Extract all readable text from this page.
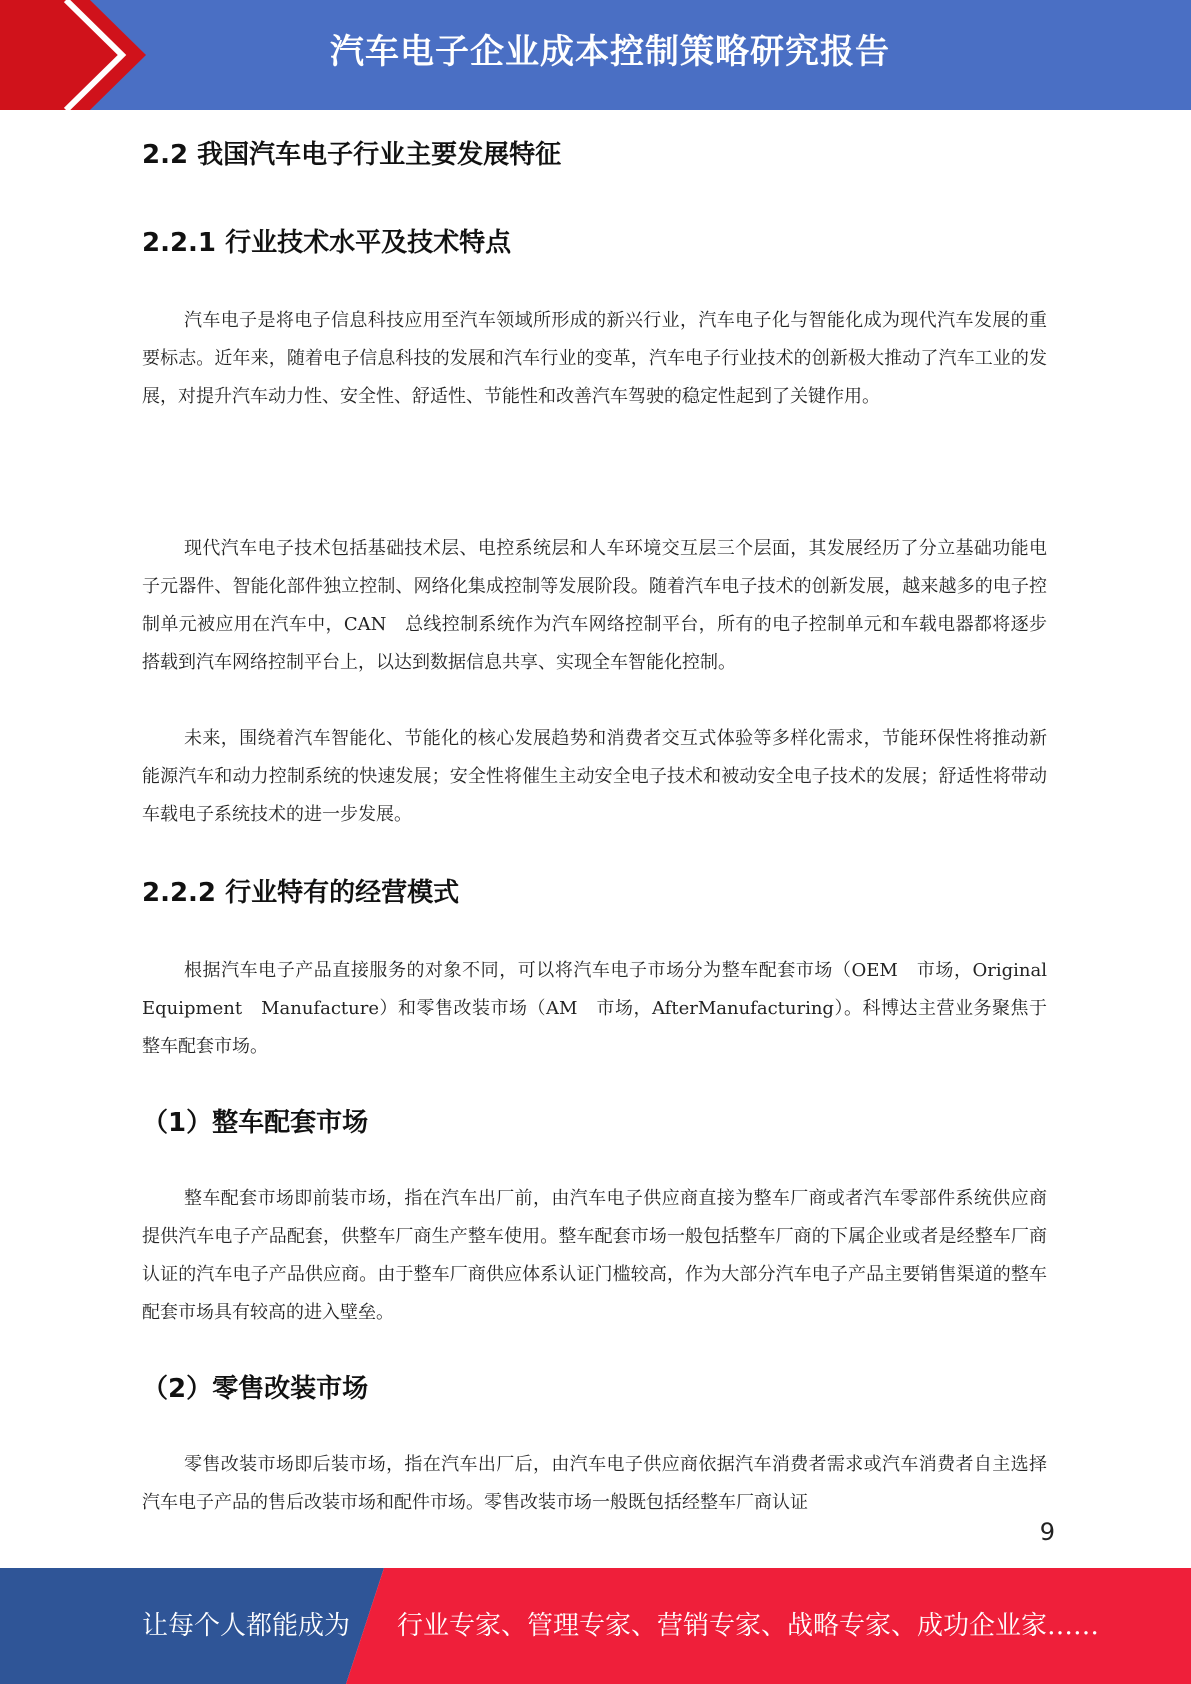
汽车电子企业成本控制策略研究报告
2.2 我国汽车电子行业主要发展特征
2.2.1 行业技术水平及技术特点

汽车电子是将电子信息科技应用至汽车领域所形成的新兴行业，汽车电子化与智能化成为现代汽车发展的重要标志。近年来，随着电子信息科技的发展和汽车行业的变革，汽车电子行业技术的创新极大推动了汽车工业的发展，对提升汽车动力性、安全性、舒适性、节能性和改善汽车驾驶的稳定性起到了关键作用。

现代汽车电子技术包括基础技术层、电控系统层和人车环境交互层三个层面，其发展经历了分立基础功能电子元器件、智能化部件独立控制、网络化集成控制等发展阶段。随着汽车电子技术的创新发展，越来越多的电子控制单元被应用在汽车中，CAN　总线控制系统作为汽车网络控制平台，所有的电子控制单元和车载电器都将逐步搭载到汽车网络控制平台上，以达到数据信息共享、实现全车智能化控制。

未来，围绕着汽车智能化、节能化的核心发展趋势和消费者交互式体验等多样化需求，节能环保性将推动新能源汽车和动力控制系统的快速发展；安全性将催生主动安全电子技术和被动安全电子技术的发展；舒适性将带动车载电子系统技术的进一步发展。

2.2.2 行业特有的经营模式

根据汽车电子产品直接服务的对象不同，可以将汽车电子市场分为整车配套市场（OEM　市场，Original　Equipment　Manufacture）和零售改装市场（AM　市场，AfterManufacturing）。科博达主营业务聚焦于整车配套市场。

（1）整车配套市场

整车配套市场即前装市场，指在汽车出厂前，由汽车电子供应商直接为整车厂商或者汽车零部件系统供应商提供汽车电子产品配套，供整车厂商生产整车使用。整车配套市场一般包括整车厂商的下属企业或者是经整车厂商认证的汽车电子产品供应商。由于整车厂商供应体系认证门槛较高，作为大部分汽车电子产品主要销售渠道的整车配套市场具有较高的进入壁垒。

（2）零售改装市场

零售改装市场即后装市场，指在汽车出厂后，由汽车电子供应商依据汽车消费者需求或汽车消费者自主选择汽车电子产品的售后改装市场和配件市场。零售改装市场一般既包括经整车厂商认证

9
让每个人都能成为 行业专家、管理专家、营销专家、战略专家、成功企业家……
